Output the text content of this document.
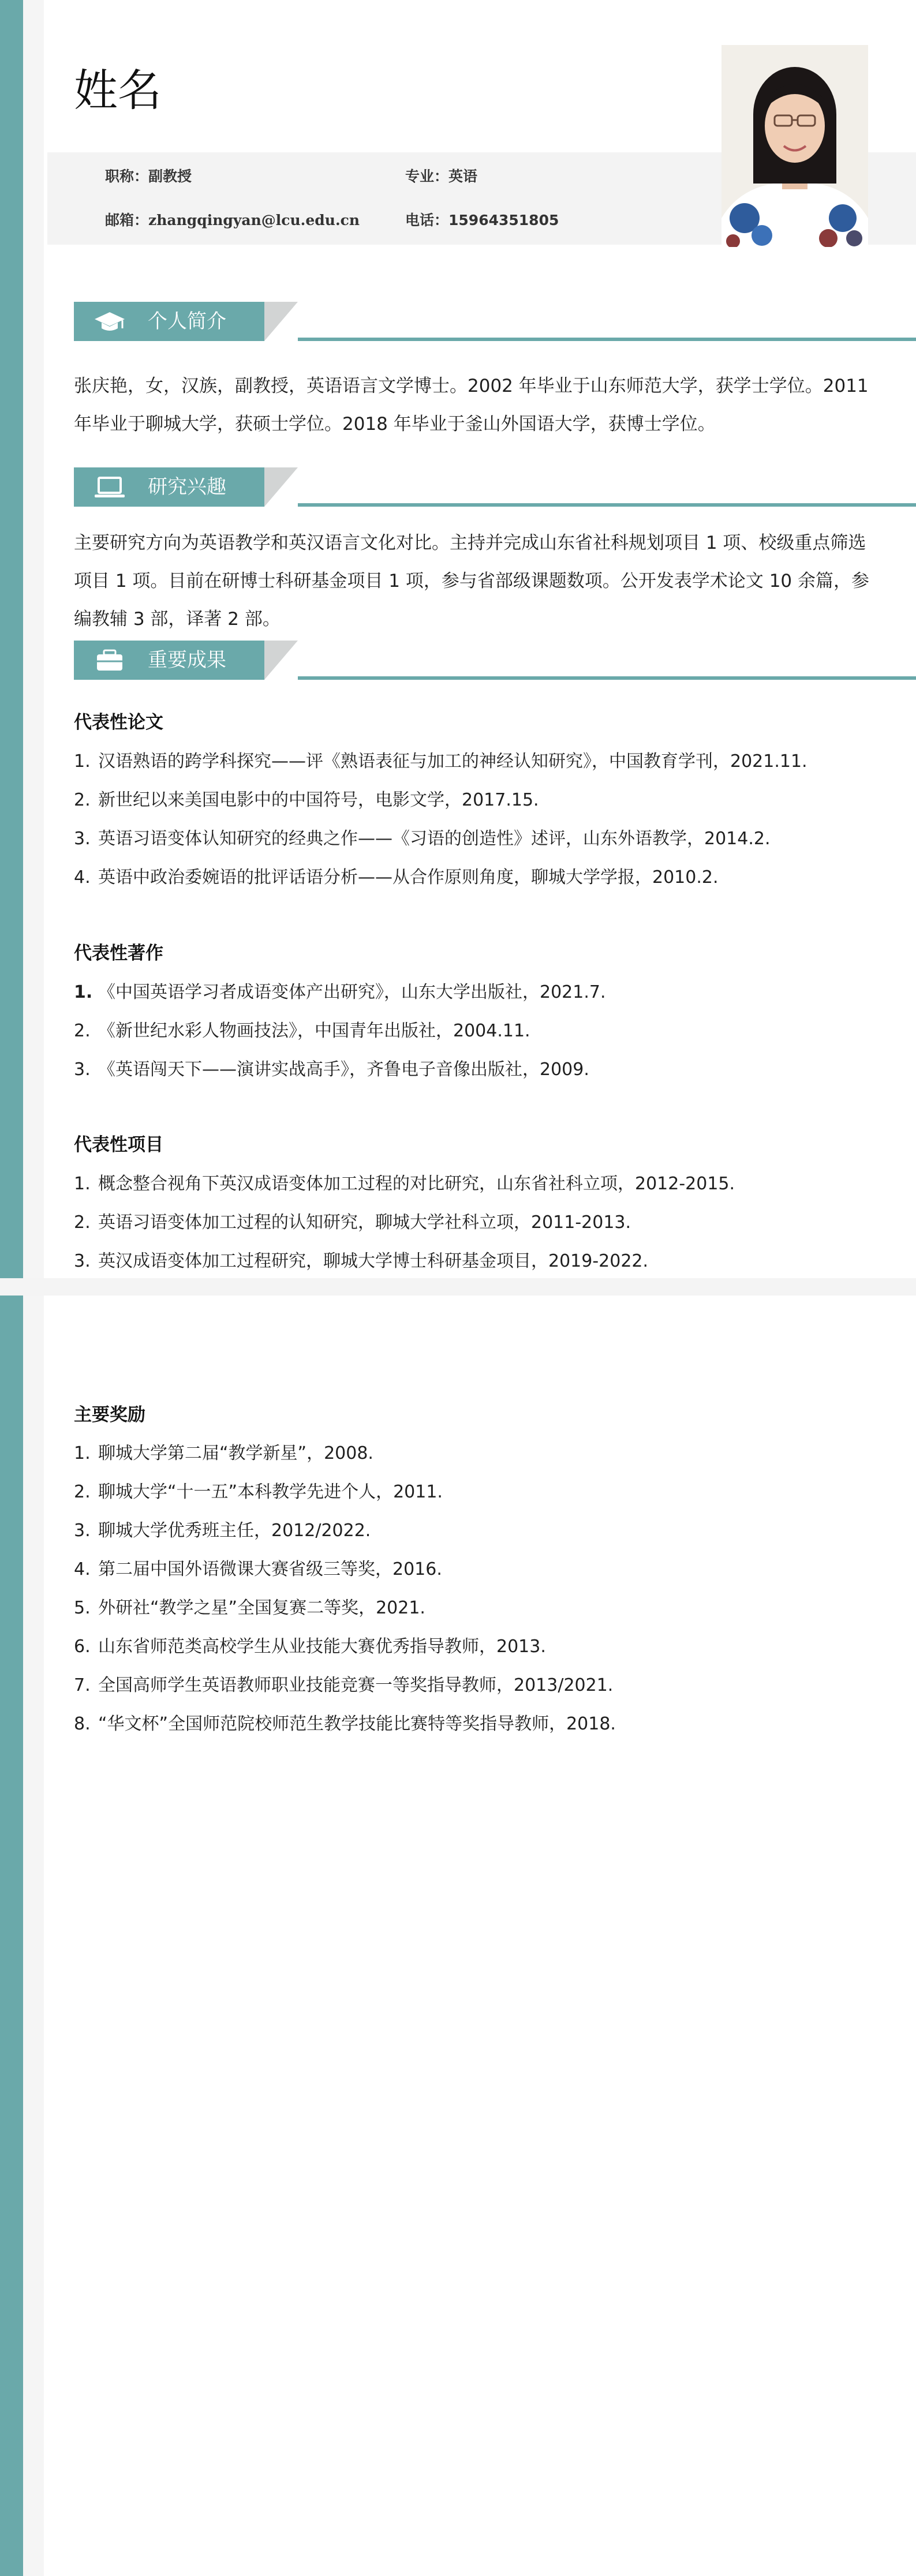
姓名
职称：副教授	专业：英语
邮箱：zhangqingyan@lcu.edu.cn	电话：15964351805
个人简介
张庆艳，女，汉族，副教授，英语语言文学博士。2002 年毕业于山东师范大学，获学士学位。2011
年毕业于聊城大学，获硕士学位。2018 年毕业于釜山外国语大学，获博士学位。
研究兴趣
主要研究方向为英语教学和英汉语言文化对比。主持并完成山东省社科规划项目 1 项、校级重点筛选
项目 1 项。目前在研博士科研基金项目 1 项，参与省部级课题数项。公开发表学术论文 10 余篇，参
编教辅 3 部，译著 2 部。
重要成果
代表性论文
1. 汉语熟语的跨学科探究——评《熟语表征与加工的神经认知研究》，中国教育学刊，2021.11.
2. 新世纪以来美国电影中的中国符号，电影文学，2017.15.
3. 英语习语变体认知研究的经典之作——《习语的创造性》述评，山东外语教学，2014.2.
4. 英语中政治委婉语的批评话语分析——从合作原则角度，聊城大学学报，2010.2.
代表性著作
1. 《中国英语学习者成语变体产出研究》，山东大学出版社，2021.7.
2. 《新世纪水彩人物画技法》，中国青年出版社，2004.11.
3. 《英语闯天下——演讲实战高手》，齐鲁电子音像出版社，2009.
代表性项目
1. 概念整合视角下英汉成语变体加工过程的对比研究，山东省社科立项，2012-2015.
2. 英语习语变体加工过程的认知研究，聊城大学社科立项，2011-2013.
3. 英汉成语变体加工过程研究，聊城大学博士科研基金项目，2019-2022.
主要奖励
1. 聊城大学第二届“教学新星”，2008.
2. 聊城大学“十一五”本科教学先进个人，2011.
3. 聊城大学优秀班主任，2012/2022.
4. 第二届中国外语微课大赛省级三等奖，2016.
5. 外研社“教学之星”全国复赛二等奖，2021.
6. 山东省师范类高校学生从业技能大赛优秀指导教师，2013.
7. 全国高师学生英语教师职业技能竞赛一等奖指导教师，2013/2021.
8. “华文杯”全国师范院校师范生教学技能比赛特等奖指导教师，2018.
